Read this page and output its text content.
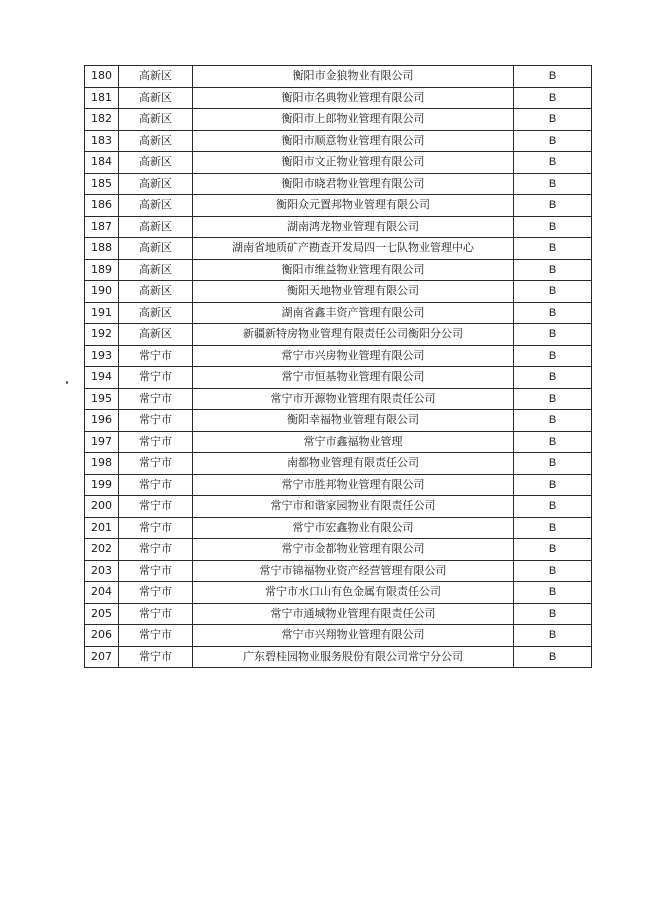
180	高新区	衡阳市金狼物业有限公司	B
181	高新区	衡阳市名典物业管理有限公司	B
182	高新区	衡阳市上郎物业管理有限公司	B
183	高新区	衡阳市顺意物业管理有限公司	B
184	高新区	衡阳市文正物业管理有限公司	B
185	高新区	衡阳市晓君物业管理有限公司	B
186	高新区	衡阳众元置邦物业管理有限公司	B
187	高新区	湖南鸿龙物业管理有限公司	B
188	高新区	湖南省地质矿产勘查开发局四一七队物业管理中心	B
189	高新区	衡阳市维益物业管理有限公司	B
190	高新区	衡阳天地物业管理有限公司	B
191	高新区	湖南省鑫丰资产管理有限公司	B
192	高新区	新疆新特房物业管理有限责任公司衡阳分公司	B
193	常宁市	常宁市兴房物业管理有限公司	B
194	常宁市	常宁市恒基物业管理有限公司	B
195	常宁市	常宁市开源物业管理有限责任公司	B
196	常宁市	衡阳幸福物业管理有限公司	B
197	常宁市	常宁市鑫福物业管理	B
198	常宁市	南都物业管理有限责任公司	B
199	常宁市	常宁市胜邦物业管理有限公司	B
200	常宁市	常宁市和谐家园物业有限责任公司	B
201	常宁市	常宁市宏鑫物业有限公司	B
202	常宁市	常宁市金都物业管理有限公司	B
203	常宁市	常宁市锦福物业资产经营管理有限公司	B
204	常宁市	常宁市水口山有色金属有限责任公司	B
205	常宁市	常宁市通城物业管理有限责任公司	B
206	常宁市	常宁市兴翔物业管理有限公司	B
207	常宁市	广东碧桂园物业服务股份有限公司常宁分公司	B
